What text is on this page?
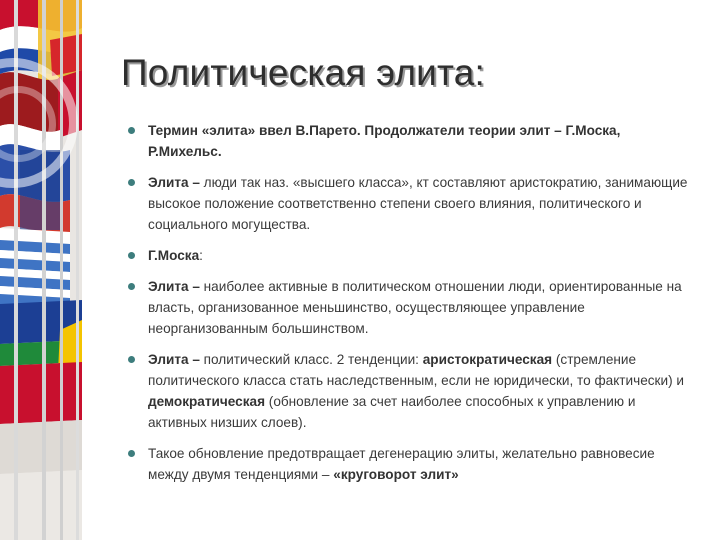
Политическая элита:
Термин «элита» ввел В.Парето. Продолжатели теории элит – Г.Моска, Р.Михельс.
Элита – люди так наз. «высшего класса», кт составляют аристократию, занимающие высокое положение соответственно степени своего влияния, политического и социального могущества.
Г.Моска:
Элита – наиболее активные в политическом отношении люди, ориентированные на власть, организованное меньшинство, осуществляющее управление неорганизованным большинством.
Элита – политический класс. 2 тенденции: аристократическая (стремление политического класса стать наследственным, если не юридически, то фактически) и демократическая (обновление за счет наиболее способных к управлению и активных низших слоев).
Такое обновление предотвращает дегенерацию элиты, желательно равновесие между двумя тенденциями – «круговорот элит»
